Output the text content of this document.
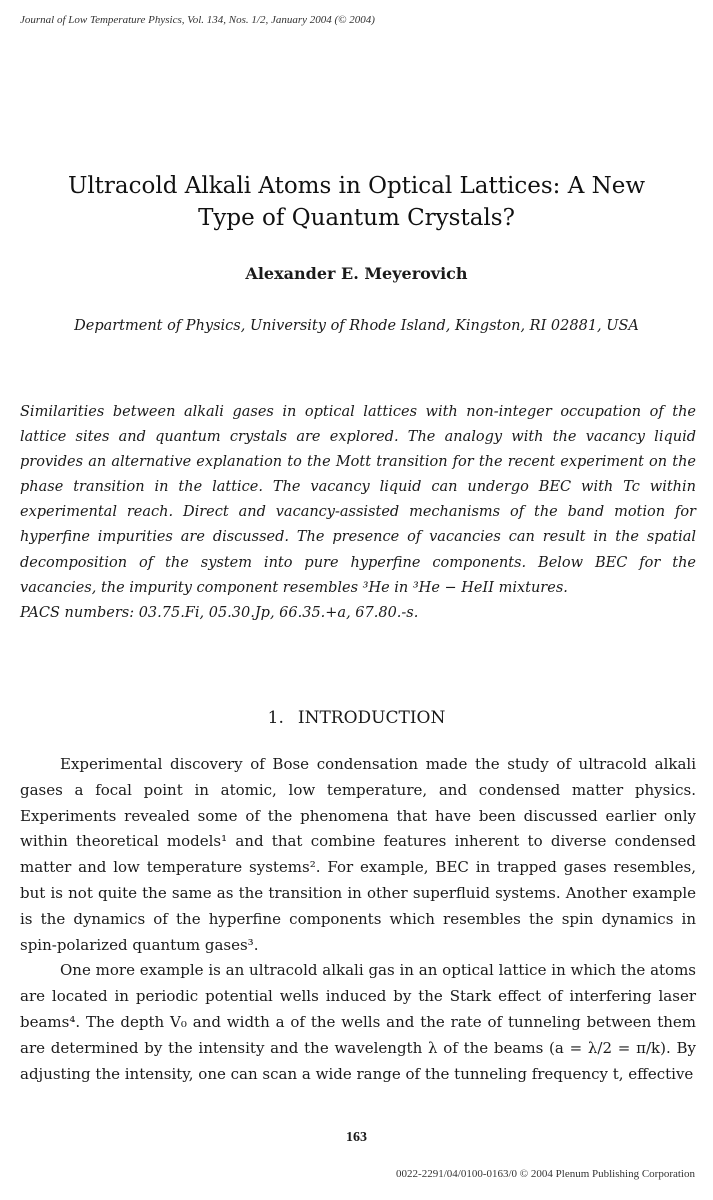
Journal of Low Temperature Physics, Vol. 134, Nos. 1/2, January 2004 (© 2004)
Ultracold Alkali Atoms in Optical Lattices: A New Type of Quantum Crystals?
Alexander E. Meyerovich
Department of Physics, University of Rhode Island, Kingston, RI 02881, USA

Similarities between alkali gases in optical lattices with non-integer occupation of the lattice sites and quantum crystals are explored. The analogy with the vacancy liquid provides an alternative explanation to the Mott transition for the recent experiment on the phase transition in the lattice. The vacancy liquid can undergo BEC with Tc within experimental reach. Direct and vacancy-assisted mechanisms of the band motion for hyperfine impurities are discussed. The presence of vacancies can result in the spatial decomposition of the system into pure hyperfine components. Below BEC for the vacancies, the impurity component resembles ³He in ³He − HeII mixtures.

PACS numbers: 03.75.Fi, 05.30.Jp, 66.35.+a, 67.80.-s.

1. INTRODUCTION

Experimental discovery of Bose condensation made the study of ultracold alkali gases a focal point in atomic, low temperature, and condensed matter physics. Experiments revealed some of the phenomena that have been discussed earlier only within theoretical models¹ and that combine features inherent to diverse condensed matter and low temperature systems². For example, BEC in trapped gases resembles, but is not quite the same as the transition in other superfluid systems. Another example is the dynamics of the hyperfine components which resembles the spin dynamics in spin-polarized quantum gases³.

One more example is an ultracold alkali gas in an optical lattice in which the atoms are located in periodic potential wells induced by the Stark effect of interfering laser beams⁴. The depth V₀ and width a of the wells and the rate of tunneling between them are determined by the intensity and the wavelength λ of the beams (a = λ/2 = π/k). By adjusting the intensity, one can scan a wide range of the tunneling frequency t, effective

163
0022-2291/04/0100-0163/0 © 2004 Plenum Publishing Corporation
